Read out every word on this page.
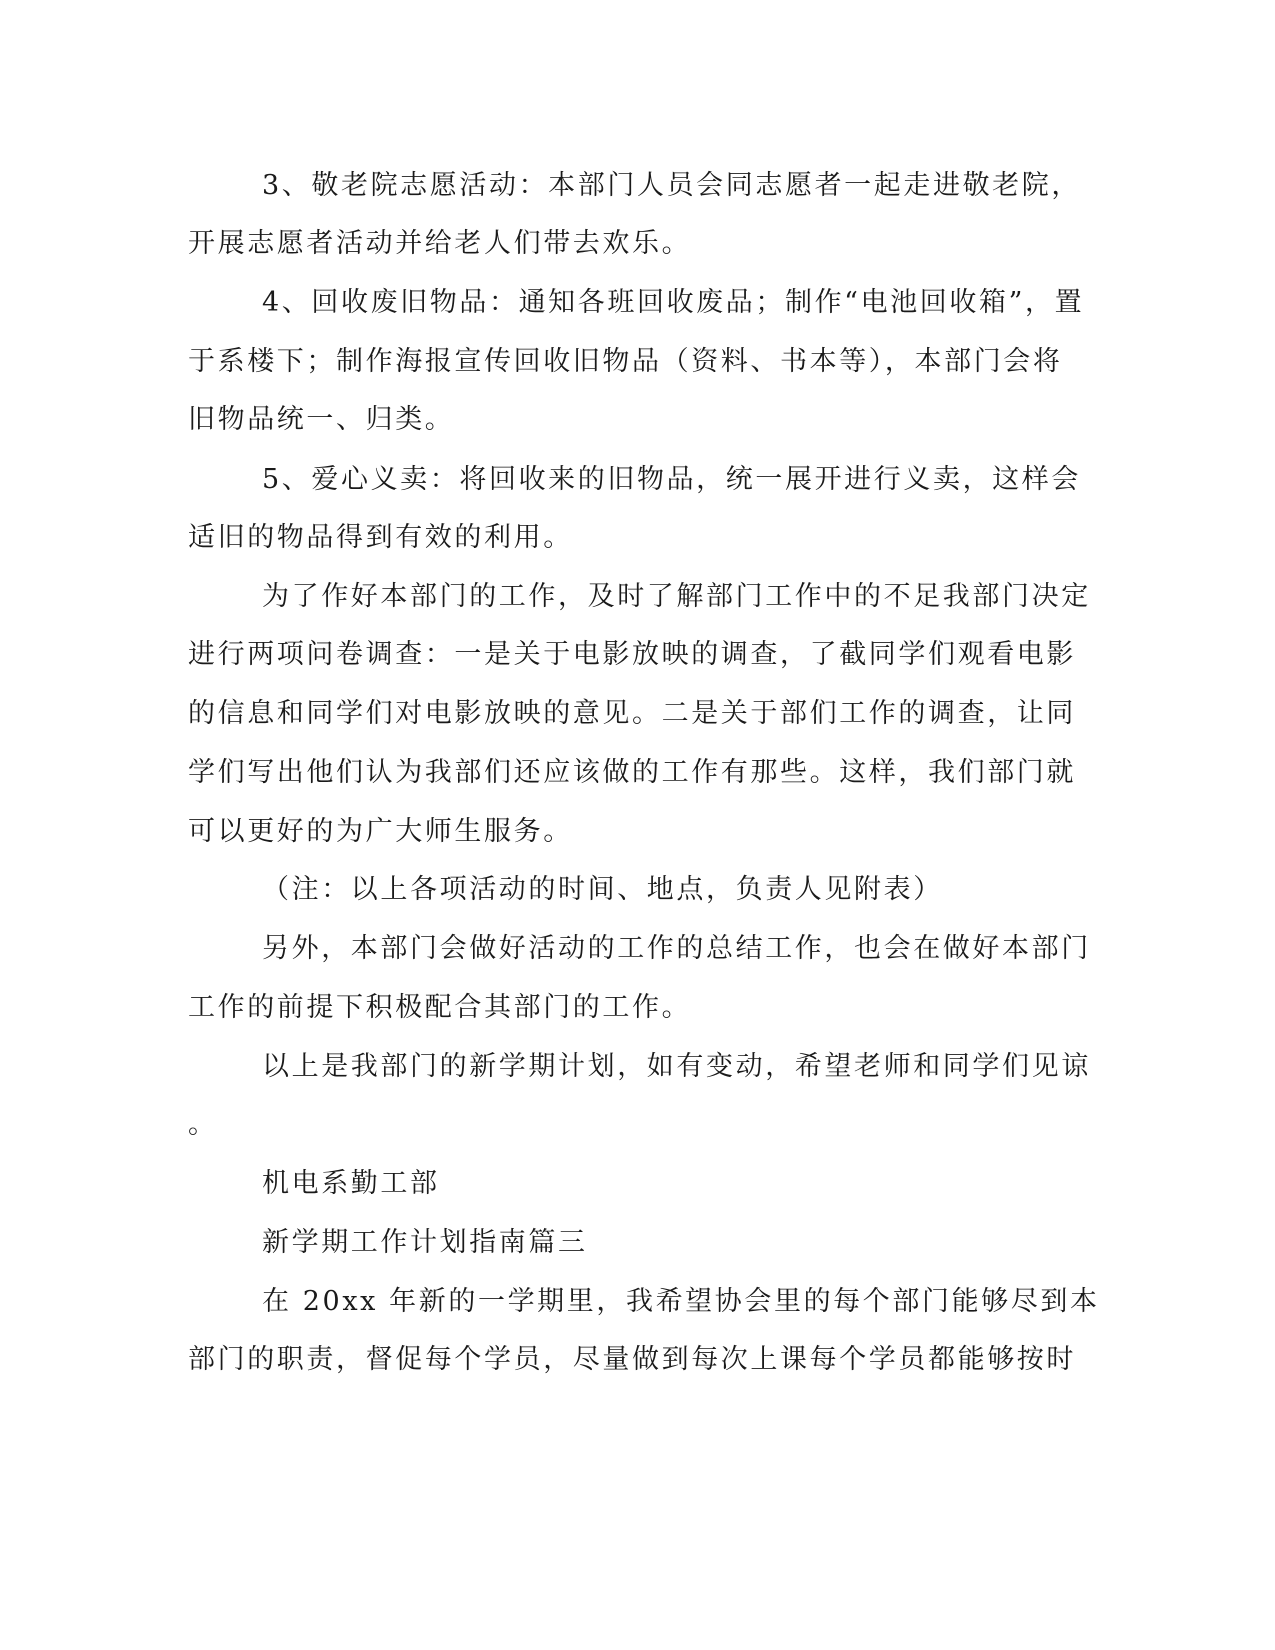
3、敬老院志愿活动：本部门人员会同志愿者一起走进敬老院，
开展志愿者活动并给老人们带去欢乐。
4、回收废旧物品：通知各班回收废品；制作“电池回收箱”，置
于系楼下；制作海报宣传回收旧物品（资料、书本等），本部门会将
旧物品统一、归类。
5、爱心义卖：将回收来的旧物品，统一展开进行义卖，这样会
适旧的物品得到有效的利用。
为了作好本部门的工作，及时了解部门工作中的不足我部门决定
进行两项问卷调查：一是关于电影放映的调查，了截同学们观看电影
的信息和同学们对电影放映的意见。二是关于部们工作的调查，让同
学们写出他们认为我部们还应该做的工作有那些。这样，我们部门就
可以更好的为广大师生服务。
（注：以上各项活动的时间、地点，负责人见附表）
另外，本部门会做好活动的工作的总结工作，也会在做好本部门
工作的前提下积极配合其部门的工作。
以上是我部门的新学期计划，如有变动，希望老师和同学们见谅
。
机电系勤工部
新学期工作计划指南篇三
在 20xx 年新的一学期里，我希望协会里的每个部门能够尽到本
部门的职责，督促每个学员，尽量做到每次上课每个学员都能够按时
